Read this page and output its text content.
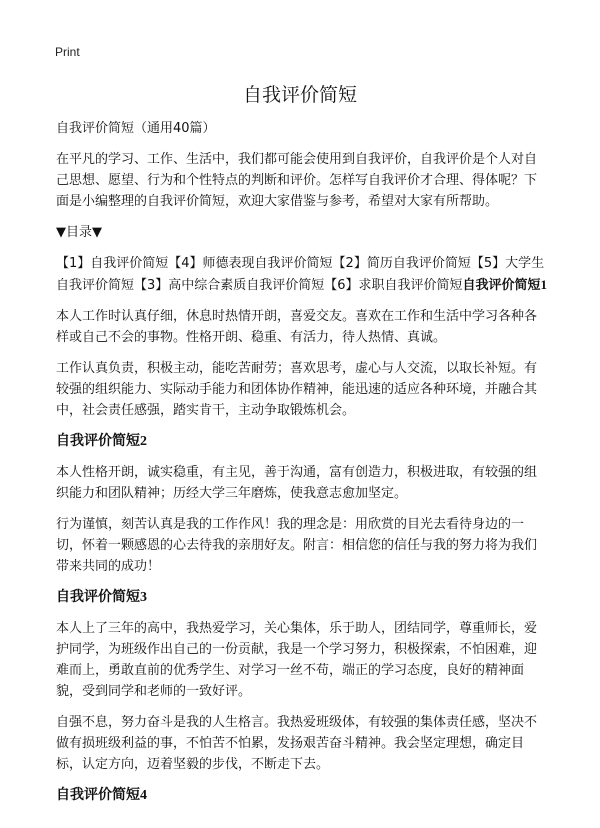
Print
自我评价简短

自我评价简短（通用40篇）

在平凡的学习、工作、生活中，我们都可能会使用到自我评价，自我评价是个人对自己思想、愿望、行为和个性特点的判断和评价。怎样写自我评价才合理、得体呢？下面是小编整理的自我评价简短，欢迎大家借鉴与参考，希望对大家有所帮助。

▼目录▼

【1】自我评价简短【4】师德表现自我评价简短【2】简历自我评价简短【5】大学生自我评价简短【3】高中综合素质自我评价简短【6】求职自我评价简短自我评价简短1

本人工作时认真仔细，休息时热情开朗，喜爱交友。喜欢在工作和生活中学习各种各样或自己不会的事物。性格开朗、稳重、有活力，待人热情、真诚。

工作认真负责，积极主动，能吃苦耐劳；喜欢思考，虚心与人交流，以取长补短。有较强的组织能力、实际动手能力和团体协作精神，能迅速的适应各种环境，并融合其中，社会责任感强，踏实肯干，主动争取锻炼机会。

自我评价简短2

本人性格开朗，诚实稳重，有主见，善于沟通，富有创造力，积极进取，有较强的组织能力和团队精神；历经大学三年磨炼，使我意志愈加坚定。

行为谨慎，刻苦认真是我的工作作风！我的理念是：用欣赏的目光去看待身边的一切，怀着一颗感恩的心去待我的亲朋好友。附言：相信您的信任与我的努力将为我们带来共同的成功！

自我评价简短3

本人上了三年的高中，我热爱学习，关心集体，乐于助人，团结同学，尊重师长，爱护同学，为班级作出自己的一份贡献，我是一个学习努力，积极探索，不怕困难，迎难而上，勇敢直前的优秀学生、对学习一丝不苟，端正的学习态度，良好的精神面貌，受到同学和老师的一致好评。

自强不息，努力奋斗是我的人生格言。我热爱班级体，有较强的集体责任感，坚决不做有损班级利益的事，不怕苦不怕累，发扬艰苦奋斗精神。我会坚定理想，确定目标，认定方向，迈着坚毅的步伐，不断走下去。

自我评价简短4
